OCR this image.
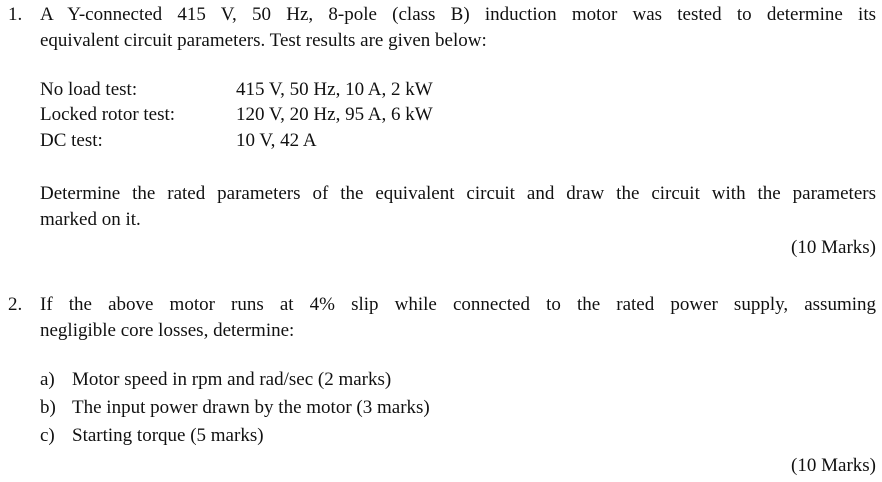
1. A Y-connected 415 V, 50 Hz, 8-pole (class B) induction motor was tested to determine its
equivalent circuit parameters. Test results are given below:
No load test:	415 V, 50 Hz, 10 A, 2 kW
Locked rotor test:	120 V, 20 Hz, 95 A, 6 kW
DC test:	10 V, 42 A
Determine the rated parameters of the equivalent circuit and draw the circuit with the parameters
marked on it.
(10 Marks)
2. If the above motor runs at 4% slip while connected to the rated power supply, assuming
negligible core losses, determine:
a) Motor speed in rpm and rad/sec (2 marks)
b) The input power drawn by the motor (3 marks)
c) Starting torque (5 marks)
(10 Marks)
